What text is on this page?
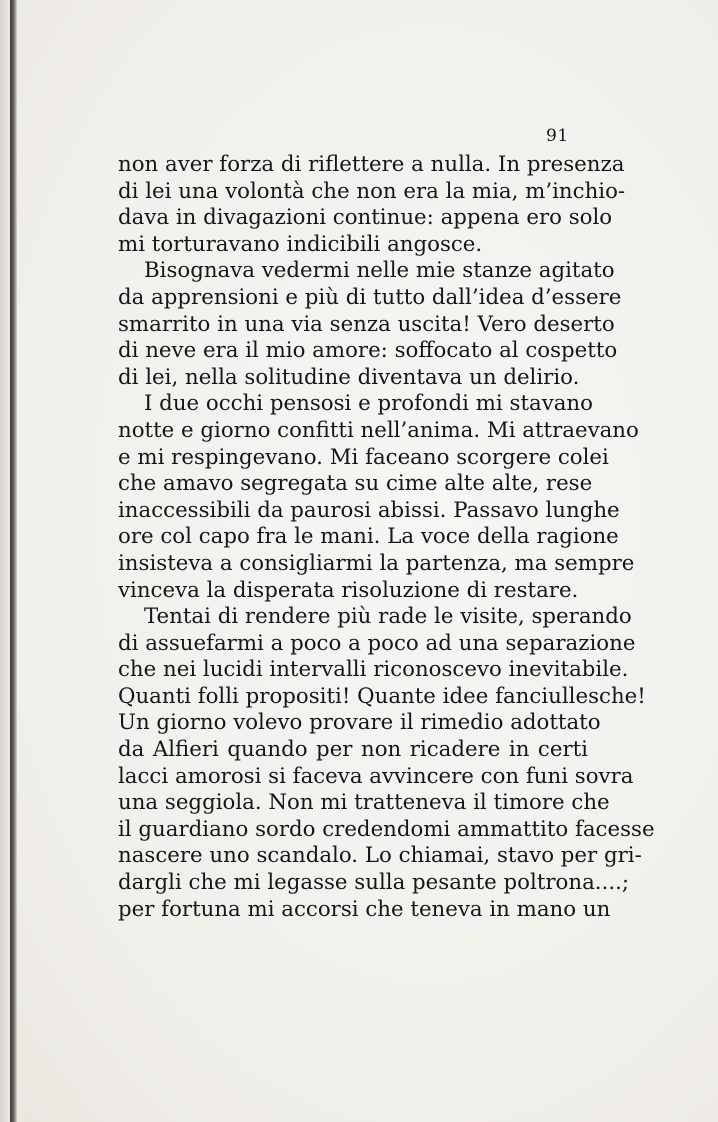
91
non aver forza di riflettere a nulla. In presenza
di lei una volontà che non era la mia, m’inchio-
dava in divagazioni continue: appena ero solo
mi torturavano indicibili angosce.
Bisognava vedermi nelle mie stanze agitato
da apprensioni e più di tutto dall’idea d’essere
smarrito in una via senza uscita! Vero deserto
di neve era il mio amore: soffocato al cospetto
di lei, nella solitudine diventava un delirio.
I due occhi pensosi e profondi mi stavano
notte e giorno confitti nell’anima. Mi attraevano
e mi respingevano. Mi faceano scorgere colei
che amavo segregata su cime alte alte, rese
inaccessibili da paurosi abissi. Passavo lunghe
ore col capo fra le mani. La voce della ragione
insisteva a consigliarmi la partenza, ma sempre
vinceva la disperata risoluzione di restare.
Tentai di rendere più rade le visite, sperando
di assuefarmi a poco a poco ad una separazione
che nei lucidi intervalli riconoscevo inevitabile.
Quanti folli propositi! Quante idee fanciullesche!
Un giorno volevo provare il rimedio adottato
da Alfieri quando per non ricadere in certi
lacci amorosi si faceva avvincere con funi sovra
una seggiola. Non mi tratteneva il timore che
il guardiano sordo credendomi ammattito facesse
nascere uno scandalo. Lo chiamai, stavo per gri-
dargli che mi legasse sulla pesante poltrona....;
per fortuna mi accorsi che teneva in mano un
